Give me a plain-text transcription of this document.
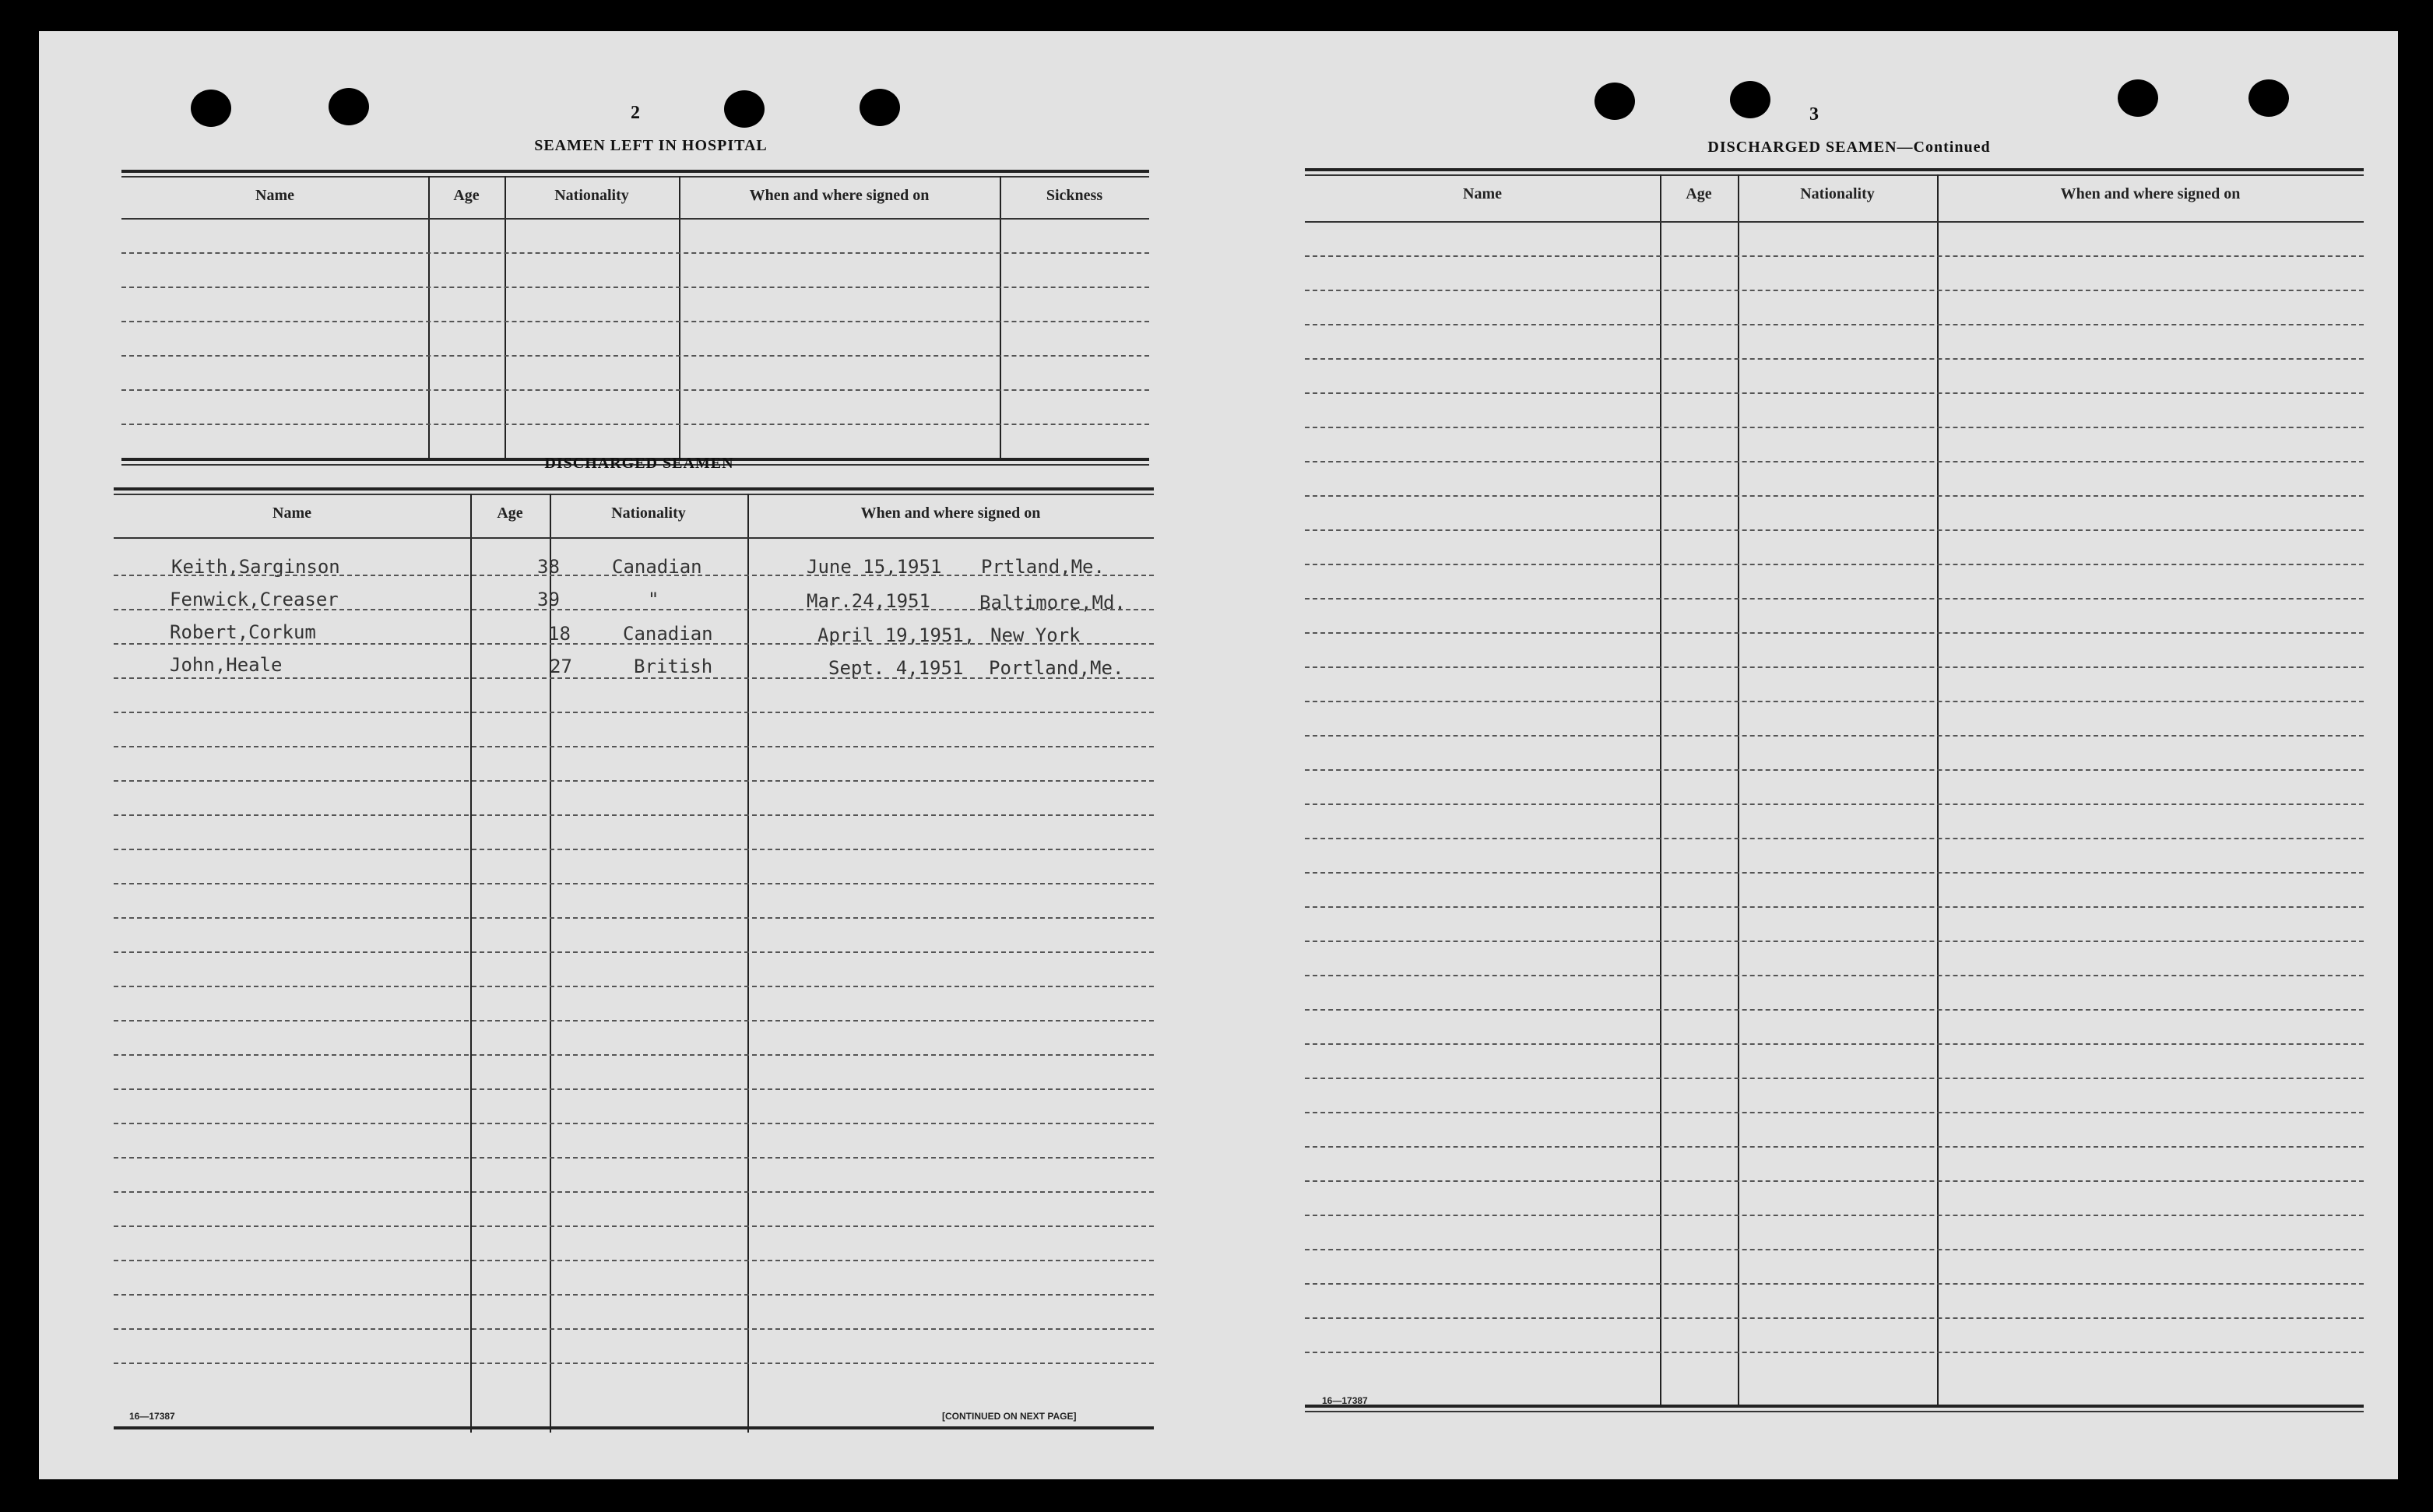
2
SEAMEN LEFT IN HOSPITAL
Name	Age	Nationality	When and where signed on	Sickness
DISCHARGED SEAMEN
Name	Age	Nationality	When and where signed on
Keith,Sarginson	38	Canadian	June 15,1951 Prtland,Me.
Fenwick,Creaser	39	"	Mar.24,1951	Baltimore,Md.
Robert,Corkum	18	Canadian	April 19,1951, New York
John,Heale	27	British	Sept. 4,1951 Portland,Me.
16—17387	[CONTINUED ON NEXT PAGE]
3
DISCHARGED SEAMEN—Continued
Name	Age	Nationality	When and where signed on
16—17387
